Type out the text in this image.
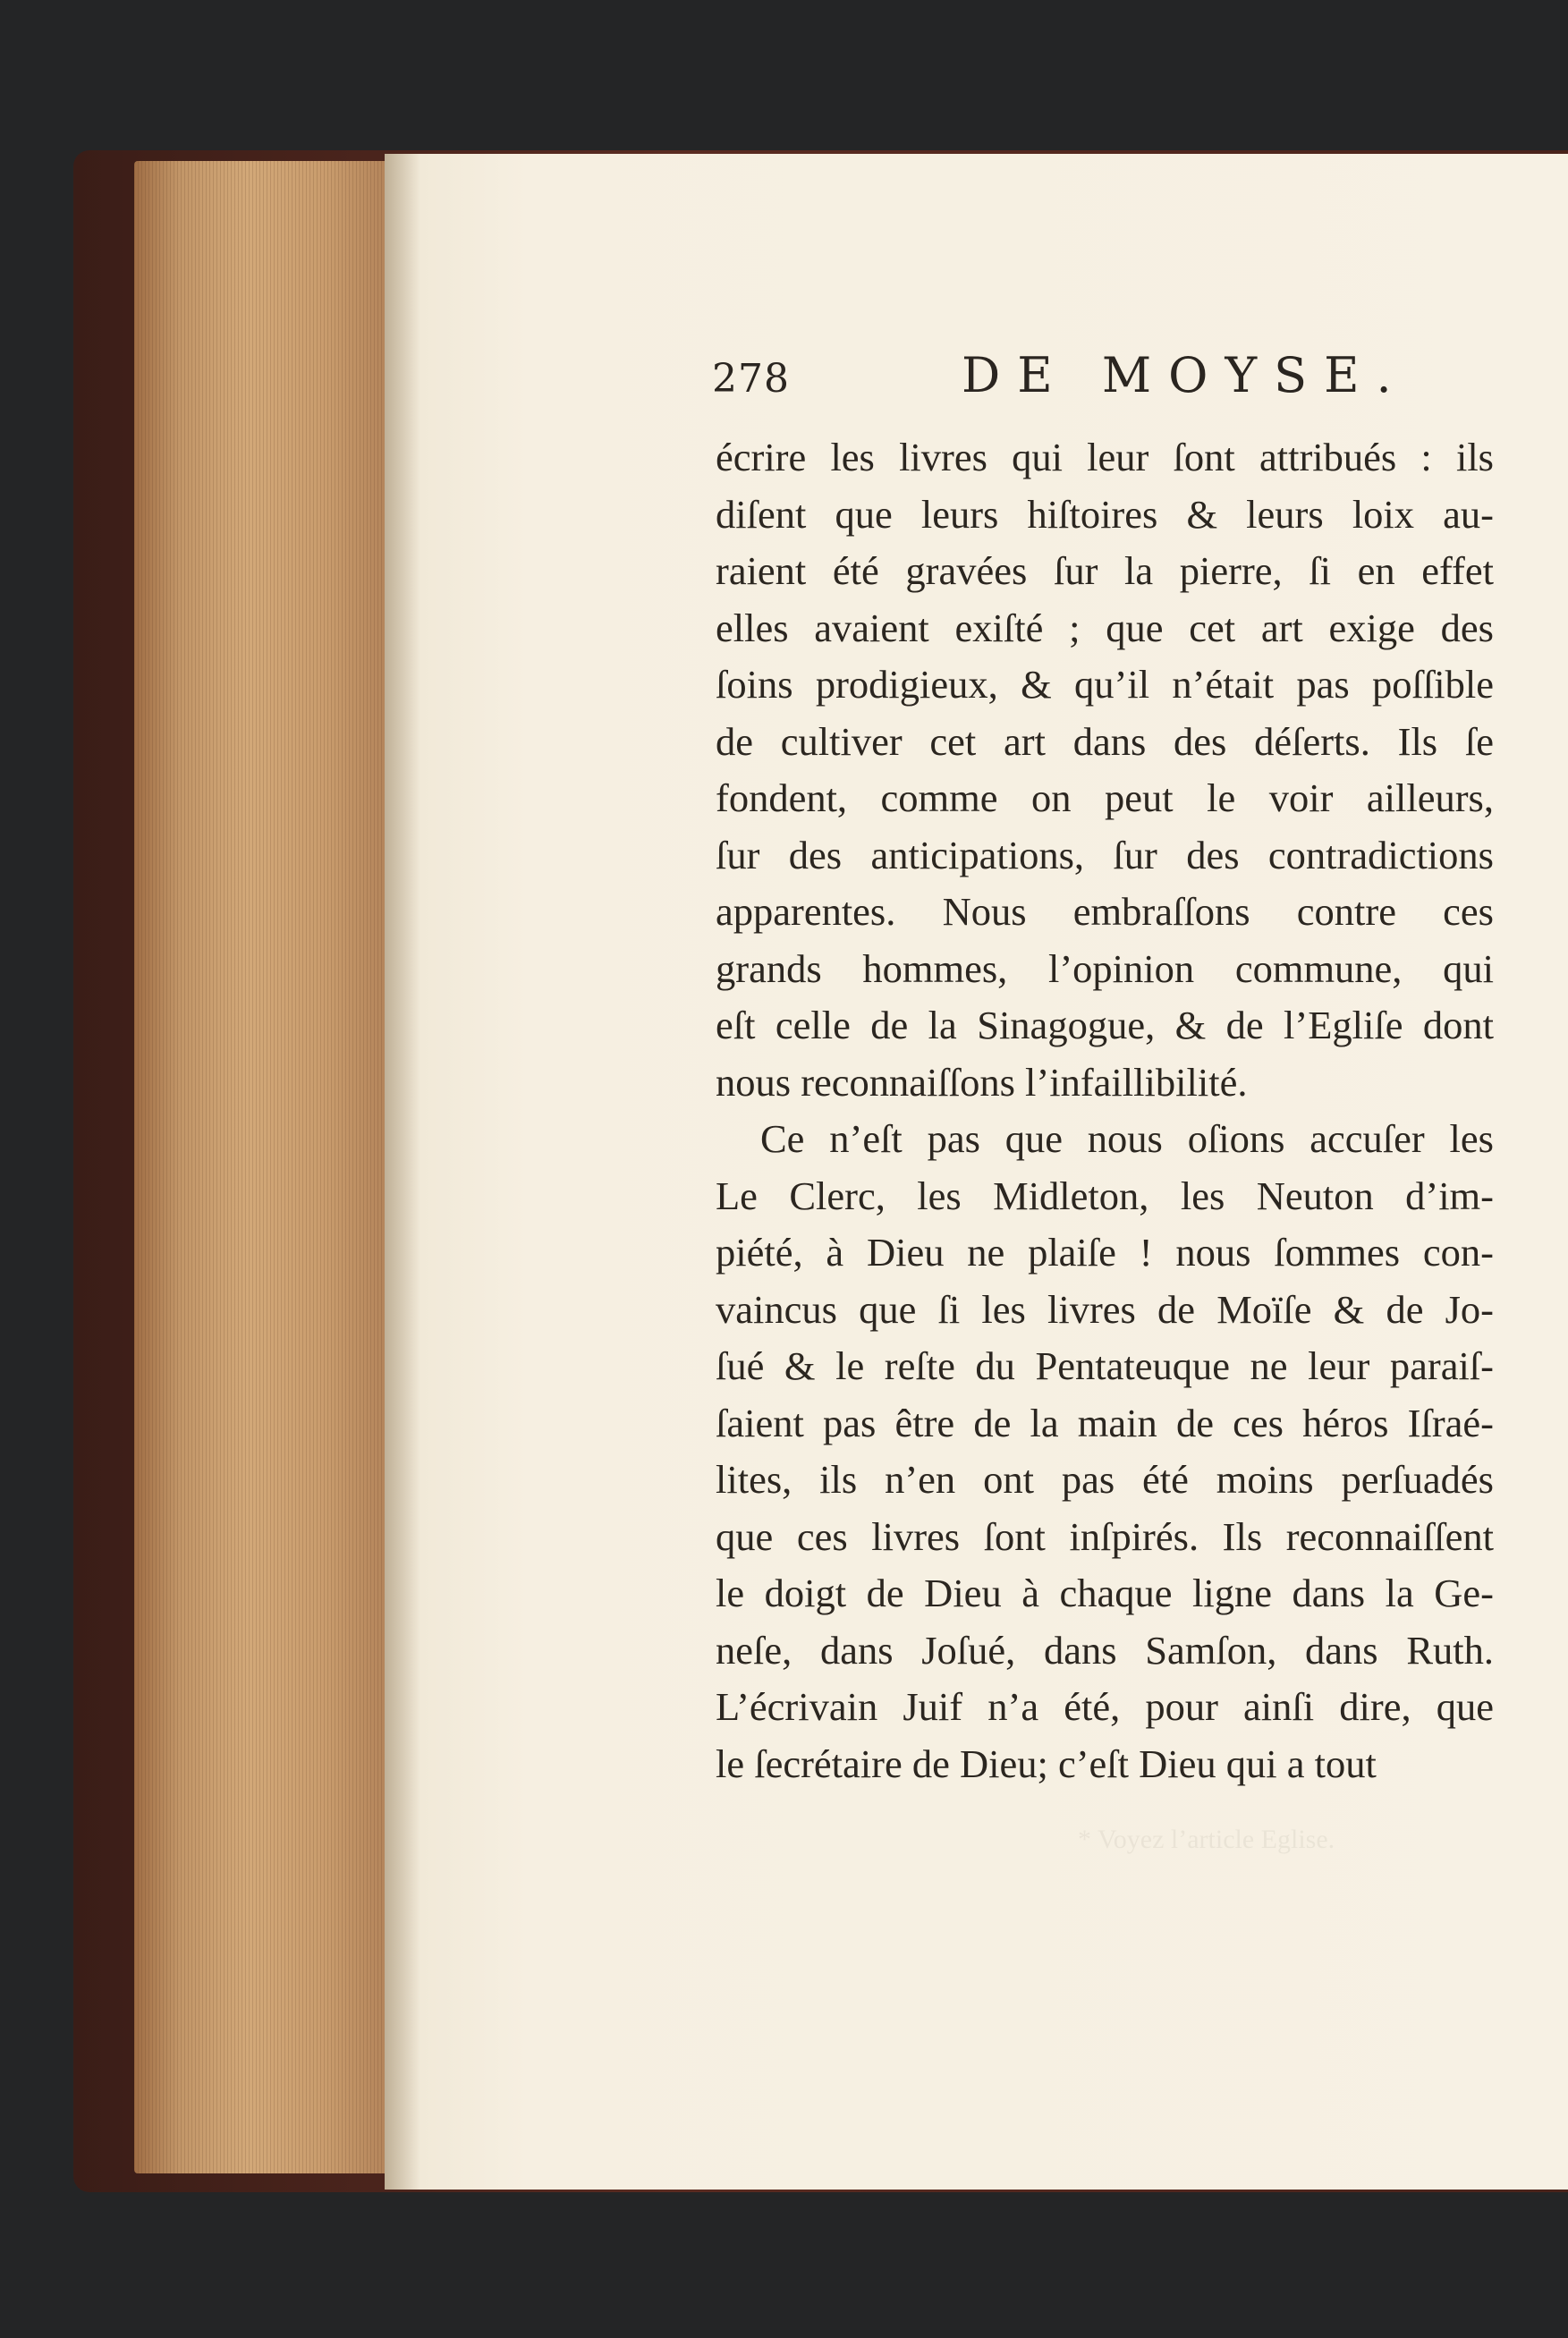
278	DE MOYSE.
écrire les livres qui leur ſont attribués : ils
diſent que leurs hiſtoires & leurs loix au-
raient été gravées ſur la pierre, ſi en effet
elles avaient exiſté ; que cet art exige des
ſoins prodigieux, & qu’il n’était pas poſſible
de cultiver cet art dans des déſerts. Ils ſe
fondent, comme on peut le voir ailleurs,
ſur des anticipations, ſur des contradictions
apparentes. Nous embraſſons contre ces
grands hommes, l’opinion commune, qui
eſt celle de la Sinagogue, & de l’Egliſe dont
nous reconnaiſſons l’infaillibilité.
Ce n’eſt pas que nous oſions accuſer les
Le Clerc, les Midleton, les Neuton d’im-
piété, à Dieu ne plaiſe ! nous ſommes con-
vaincus que ſi les livres de Moïſe & de Jo-
ſué & le reſte du Pentateuque ne leur paraiſ-
ſaient pas être de la main de ces héros Iſraé-
lites, ils n’en ont pas été moins perſuadés
que ces livres ſont inſpirés. Ils reconnaiſſent
le doigt de Dieu à chaque ligne dans la Ge-
neſe, dans Joſué, dans Samſon, dans Ruth.
L’écrivain Juif n’a été, pour ainſi dire, que
le ſecrétaire de Dieu; c’eſt Dieu qui a tout
* Voyez l’article Eglise.
